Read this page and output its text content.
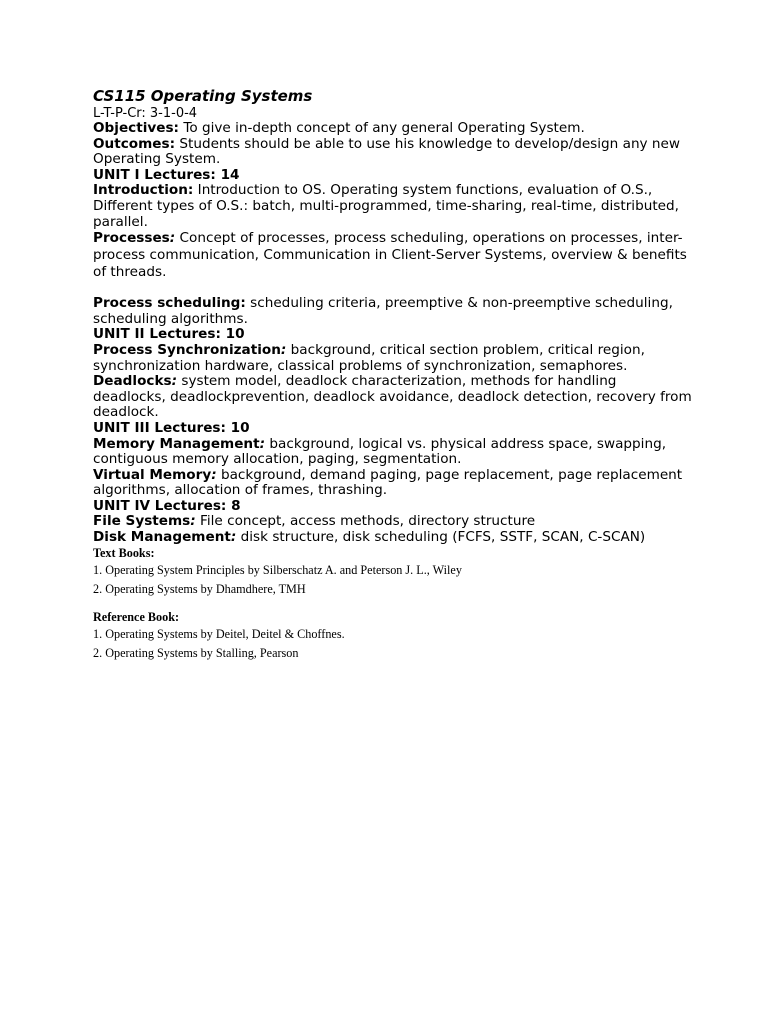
CS115 Operating Systems

L-T-P-Cr: 3-1-0-4

Objectives: To give in-depth concept of any general Operating System.

Outcomes: Students should be able to use his knowledge to develop/design any new Operating System.

UNIT I Lectures: 14

Introduction: Introduction to OS. Operating system functions, evaluation of O.S., Different types of O.S.: batch, multi-programmed, time-sharing, real-time, distributed, parallel.

Processes: Concept of processes, process scheduling, operations on processes, inter-process communication, Communication in Client-Server Systems, overview & benefits of threads.

Process scheduling: scheduling criteria, preemptive & non-preemptive scheduling, scheduling algorithms.

UNIT II Lectures: 10

Process Synchronization: background, critical section problem, critical region, synchronization hardware, classical problems of synchronization, semaphores.

Deadlocks: system model, deadlock characterization, methods for handling deadlocks, deadlockprevention, deadlock avoidance, deadlock detection, recovery from deadlock.

UNIT III Lectures: 10

Memory Management: background, logical vs. physical address space, swapping, contiguous memory allocation, paging, segmentation.

Virtual Memory: background, demand paging, page replacement, page replacement algorithms, allocation of frames, thrashing.

UNIT IV Lectures: 8

File Systems: File concept, access methods, directory structure

Disk Management: disk structure, disk scheduling (FCFS, SSTF, SCAN, C-SCAN)

Text Books:

1. Operating System Principles by Silberschatz A. and Peterson J. L., Wiley

2. Operating Systems by Dhamdhere, TMH

Reference Book:

1. Operating Systems by Deitel, Deitel & Choffnes.

2. Operating Systems by Stalling, Pearson
